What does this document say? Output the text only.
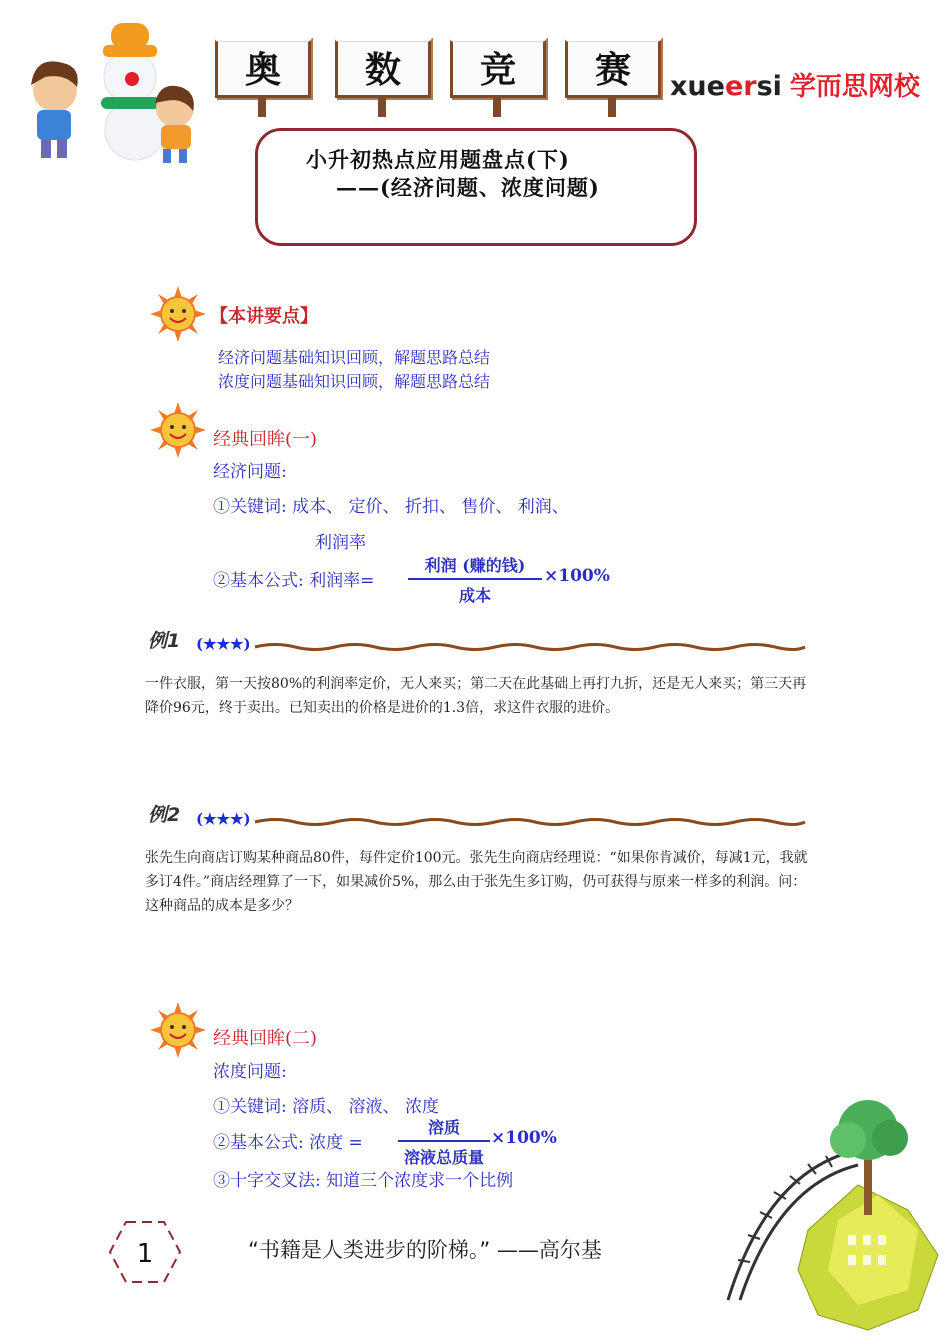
奥 数 竞 赛 xueersi 学而思网校
小升初热点应用题盘点(下)
——(经济问题、浓度问题)
【本讲要点】
经济问题基础知识回顾，解题思路总结
浓度问题基础知识回顾，解题思路总结
经典回眸(一)
经济问题:
①关键词: 成本、 定价、 折扣、 售价、 利润、
利润率
②基本公式: 利润率=
利润 (赚的钱)
成本
×100%
例1 (★★★)
一件衣服，第一天按80%的利润率定价，无人来买；第二天在此基础上再打九折，还是无人来买；第三天再降价96元，终于卖出。已知卖出的价格是进价的1.3倍，求这件衣服的进价。
例2 (★★★)
张先生向商店订购某种商品80件，每件定价100元。张先生向商店经理说：“如果你肯减价，每减1元，我就多订4件。”商店经理算了一下，如果减价5%，那么由于张先生多订购，仍可获得与原来一样多的利润。问：这种商品的成本是多少？
经典回眸(二)
浓度问题:
①关键词: 溶质、 溶液、 浓度
②基本公式: 浓度 =
溶质
溶液总质量
×100%
③十字交叉法: 知道三个浓度求一个比例
1	“书籍是人类进步的阶梯。” ——高尔基
